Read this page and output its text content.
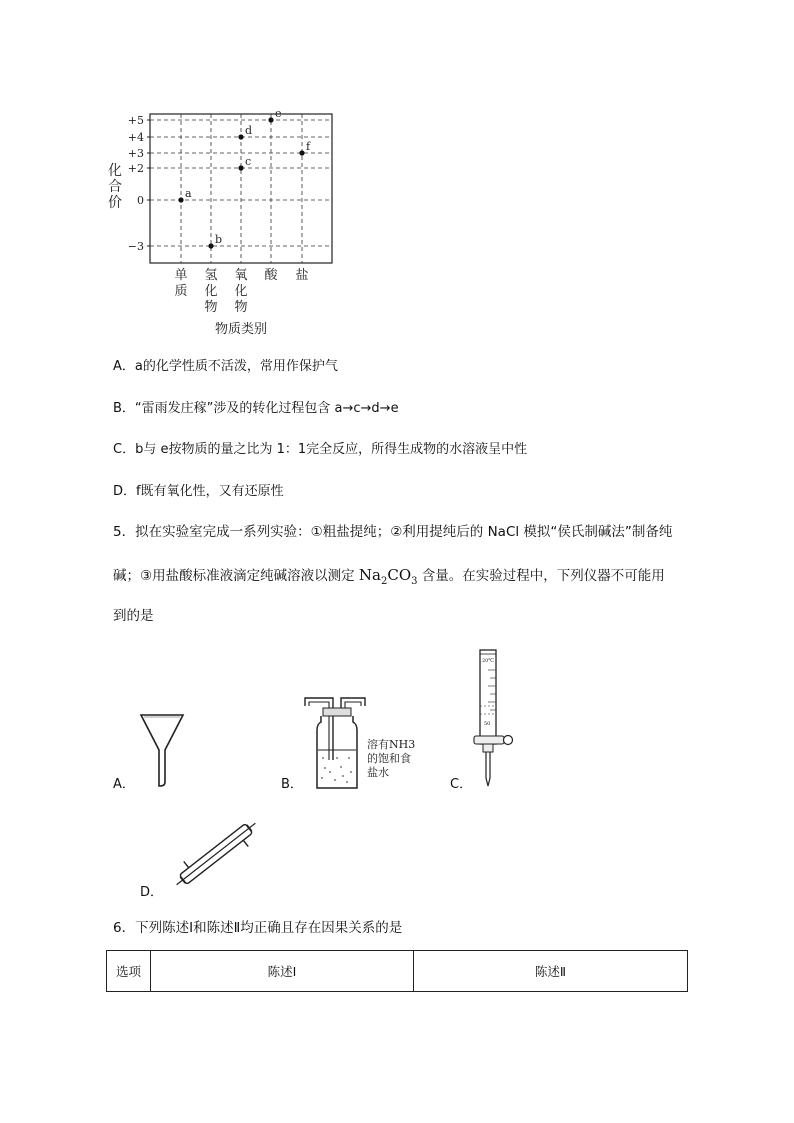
+5
+4
+3
+2
0
−3
化
合
价
单
质
氢
化
物
氧
化
物
酸 盐
物质类别
a
b
c
d
e
f
A．a的化学性质不活泼，常用作保护气
B．“雷雨发庄稼”涉及的转化过程包含 a→c→d→e
C．b与 e按物质的量之比为 1：1完全反应，所得生成物的水溶液呈中性
D．f既有氧化性，又有还原性
5．拟在实验室完成一系列实验：①粗盐提纯；②利用提纯后的 NaCl 模拟“侯氏制碱法”制备纯
碱；③用盐酸标准液滴定纯碱溶液以测定 $Na_2CO_3$ 含量。在实验过程中，下列仪器不可能用
到的是
A．	B．
溶有NH3
的饱和食
盐水
C．
20℃
50
D．
6．下列陈述Ⅰ和陈述Ⅱ均正确且存在因果关系的是
选项	陈述Ⅰ	陈述Ⅱ
